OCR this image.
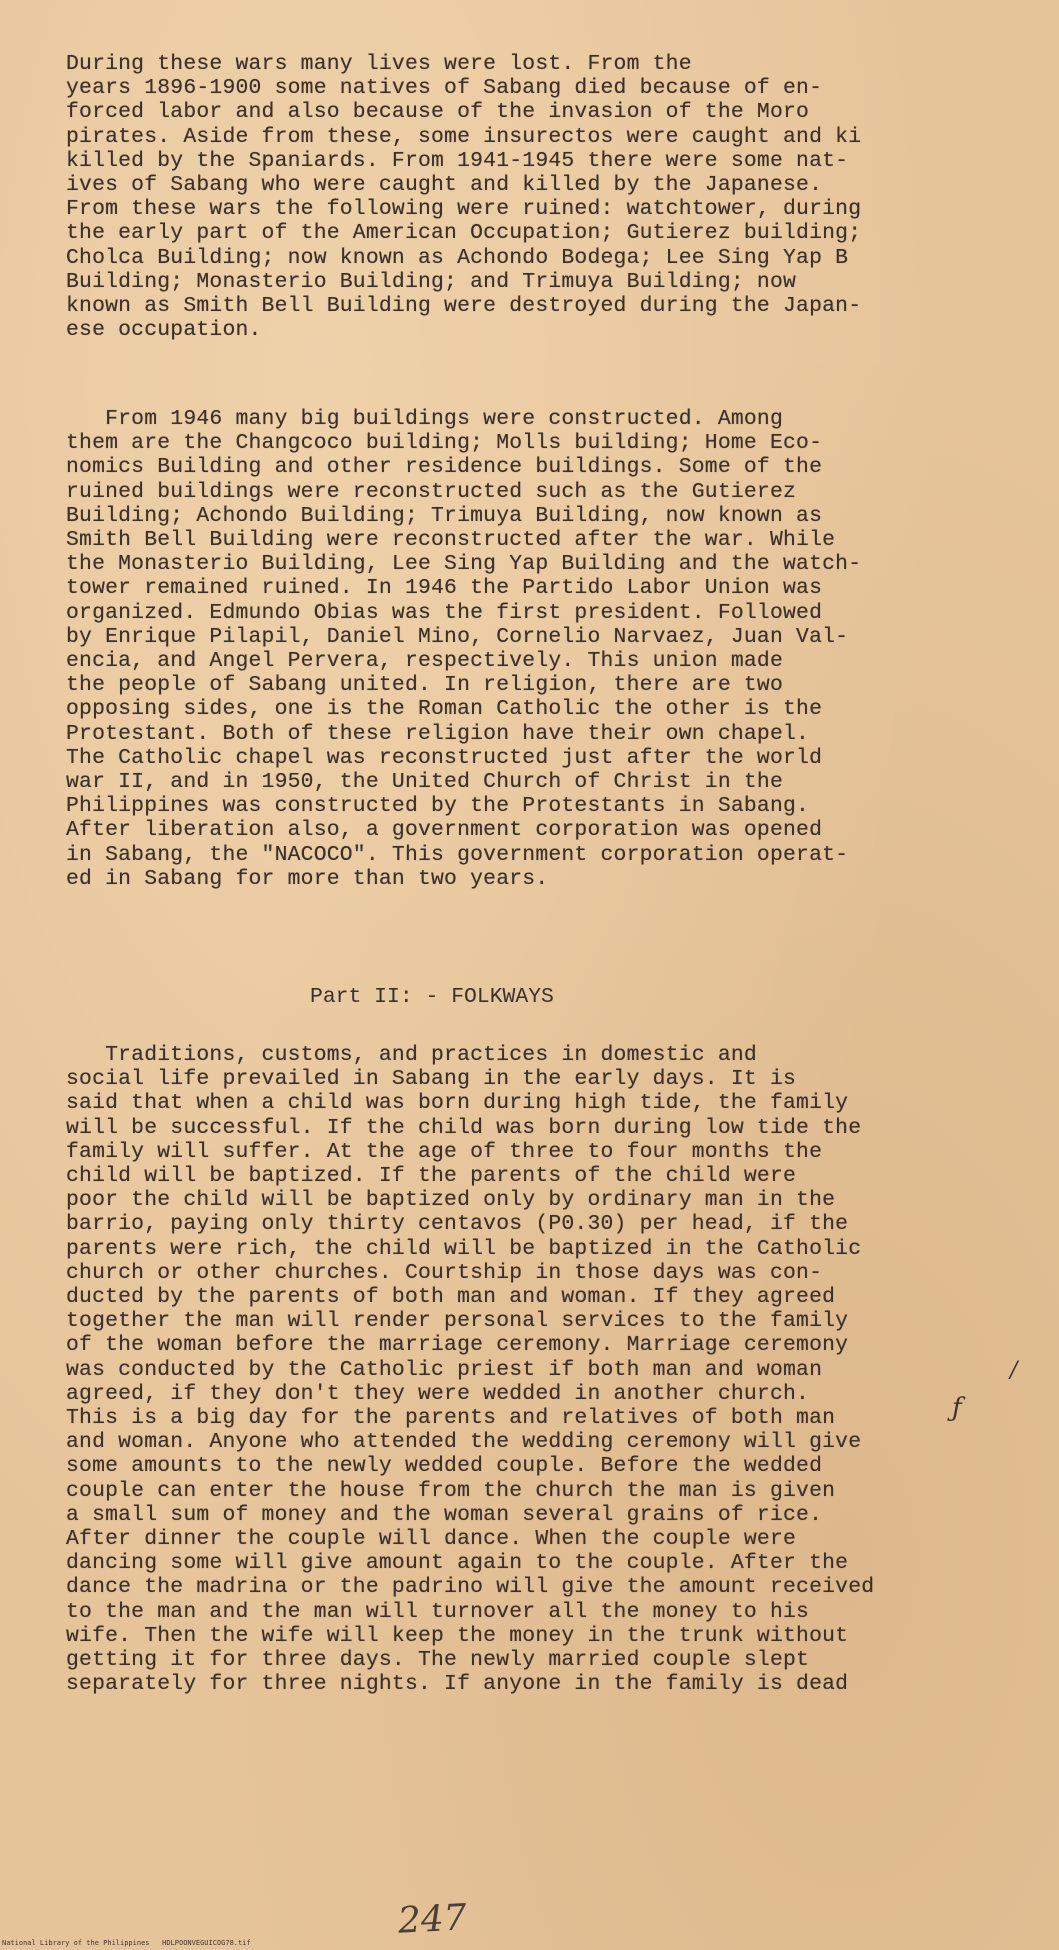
During these wars many lives were lost. From the
years 1896-1900 some natives of Sabang died because of en-
forced labor and also because of the invasion of the Moro
pirates. Aside from these, some insurectos were caught and ki
killed by the Spaniards. From 1941-1945 there were some nat-
ives of Sabang who were caught and killed by the Japanese.
From these wars the following were ruined: watchtower, during
the early part of the American Occupation; Gutierez building;
Cholca Building; now known as Achondo Bodega; Lee Sing Yap B
Building; Monasterio Building; and Trimuya Building; now
known as Smith Bell Building were destroyed during the Japan-
ese occupation.
From 1946 many big buildings were constructed. Among
them are the Changcoco building; Molls building; Home Eco-
nomics Building and other residence buildings. Some of the
ruined buildings were reconstructed such as the Gutierez
Building; Achondo Building; Trimuya Building, now known as
Smith Bell Building were reconstructed after the war. While
the Monasterio Building, Lee Sing Yap Building and the watch-
tower remained ruined. In 1946 the Partido Labor Union was
organized. Edmundo Obias was the first president. Followed
by Enrique Pilapil, Daniel Mino, Cornelio Narvaez, Juan Val-
encia, and Angel Pervera, respectively. This union made
the people of Sabang united. In religion, there are two
opposing sides, one is the Roman Catholic the other is the
Protestant. Both of these religion have their own chapel.
The Catholic chapel was reconstructed just after the world
war II, and in 1950, the United Church of Christ in the
Philippines was constructed by the Protestants in Sabang.
After liberation also, a government corporation was opened
in Sabang, the "NACOCO". This government corporation operat-
ed in Sabang for more than two years.
Part II: - FOLKWAYS
Traditions, customs, and practices in domestic and
social life prevailed in Sabang in the early days. It is
said that when a child was born during high tide, the family
will be successful. If the child was born during low tide the
family will suffer. At the age of three to four months the
child will be baptized. If the parents of the child were
poor the child will be baptized only by ordinary man in the
barrio, paying only thirty centavos (P0.30) per head, if the
parents were rich, the child will be baptized in the Catholic
church or other churches. Courtship in those days was con-
ducted by the parents of both man and woman. If they agreed
together the man will render personal services to the family
of the woman before the marriage ceremony. Marriage ceremony
was conducted by the Catholic priest if both man and woman
agreed, if they don't they were wedded in another church.
This is a big day for the parents and relatives of both man
and woman. Anyone who attended the wedding ceremony will give
some amounts to the newly wedded couple. Before the wedded
couple can enter the house from the church the man is given
a small sum of money and the woman several grains of rice.
After dinner the couple will dance. When the couple were
dancing some will give amount again to the couple. After the
dance the madrina or the padrino will give the amount received
to the man and the man will turnover all the money to his
wife. Then the wife will keep the money in the trunk without
getting it for three days. The newly married couple slept
separately for three nights. If anyone in the family is dead
ƒ
/
247
National Library of the Philippines   HDLPOONVEGUICOG78.tif
